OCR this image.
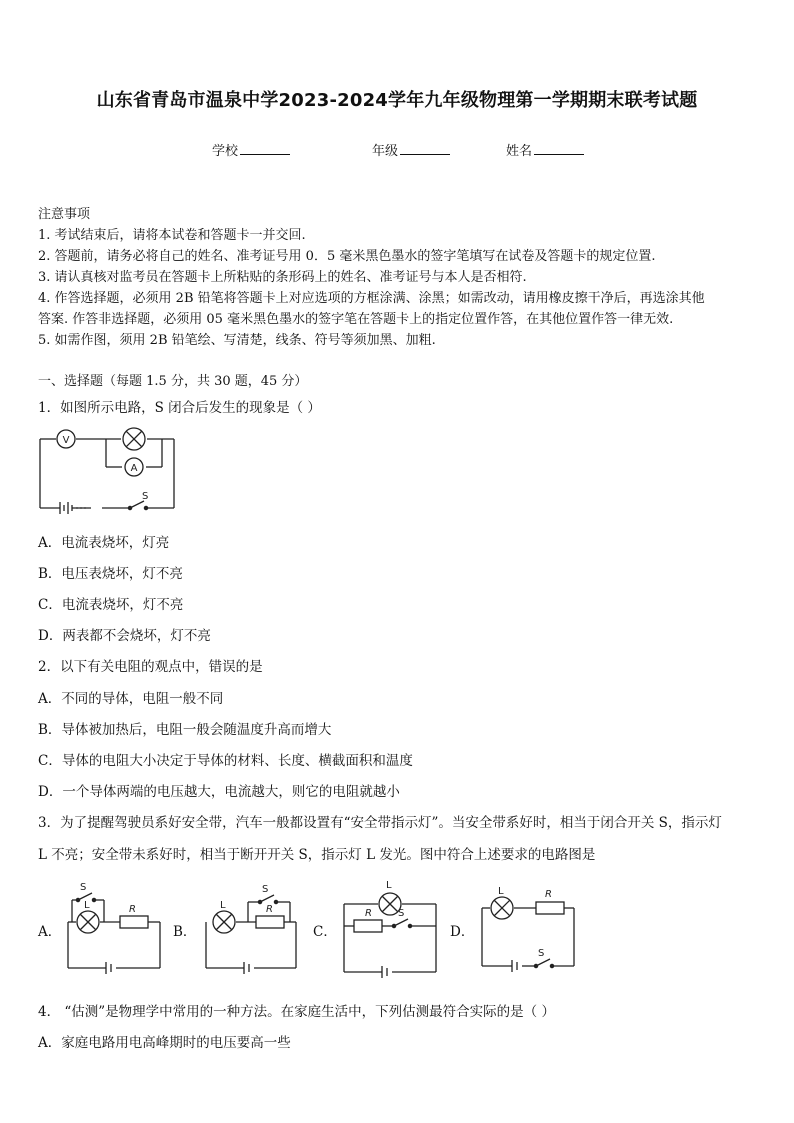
山东省青岛市温泉中学2023-2024学年九年级物理第一学期期末联考试题
学校	年级	姓名
注意事项
1. 考试结束后，请将本试卷和答题卡一并交回.
2. 答题前，请务必将自己的姓名、准考证号用 0．5 毫米黑色墨水的签字笔填写在试卷及答题卡的规定位置.
3. 请认真核对监考员在答题卡上所粘贴的条形码上的姓名、准考证号与本人是否相符.
4. 作答选择题，必须用 2B 铅笔将答题卡上对应选项的方框涂满、涂黑；如需改动，请用橡皮擦干净后，再选涂其他
答案. 作答非选择题，必须用 05 毫米黑色墨水的签字笔在答题卡上的指定位置作答，在其他位置作答一律无效.
5. 如需作图，须用 2B 铅笔绘、写清楚，线条、符号等须加黑、加粗.
一、选择题（每题 1.5 分，共 30 题，45 分）
1．如图所示电路，S 闭合后发生的现象是（ ）
V
A
S
A．电流表烧坏，灯亮
B．电压表烧坏，灯不亮
C．电流表烧坏，灯不亮
D．两表都不会烧坏，灯不亮
2．以下有关电阻的观点中，错误的是
A．不同的导体，电阻一般不同
B．导体被加热后，电阻一般会随温度升高而增大
C．导体的电阻大小决定于导体的材料、长度、横截面积和温度
D．一个导体两端的电压越大，电流越大，则它的电阻就越小
3．为了提醒驾驶员系好安全带，汽车一般都设置有“安全带指示灯”。当安全带系好时，相当于闭合开关 S，指示灯
L 不亮；安全带未系好时，相当于断开开关 S，指示灯 L 发光。图中符合上述要求的电路图是
A．	B．	C．	D．
S
L	R
S
L	R
L
R	S
L	R
S
4． “估测”是物理学中常用的一种方法。在家庭生活中，下列估测最符合实际的是（ ）
A．家庭电路用电高峰期时的电压要高一些
